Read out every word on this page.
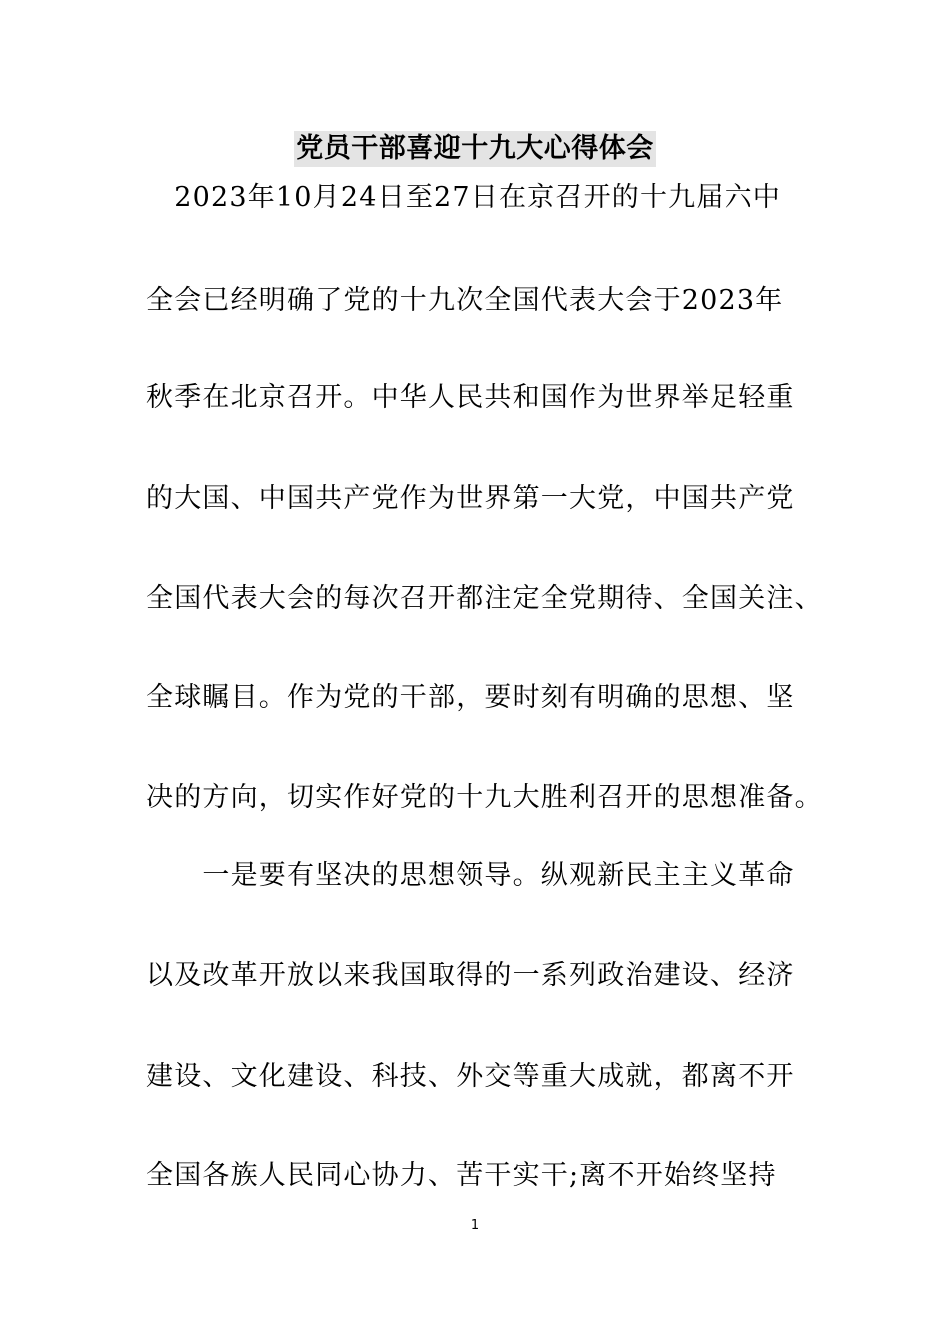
党员干部喜迎十九大心得体会
　2023年10月24日至27日在京召开的十九届六中
全会已经明确了党的十九次全国代表大会于2023年
秋季在北京召开。中华人民共和国作为世界举足轻重
的大国、中国共产党作为世界第一大党，中国共产党
全国代表大会的每次召开都注定全党期待、全国关注、
全球瞩目。作为党的干部，要时刻有明确的思想、坚
决的方向，切实作好党的十九大胜利召开的思想准备。
　　一是要有坚决的思想领导。纵观新民主主义革命
以及改革开放以来我国取得的一系列政治建设、经济
建设、文化建设、科技、外交等重大成就，都离不开
全国各族人民同心协力、苦干实干;离不开始终坚持
1
